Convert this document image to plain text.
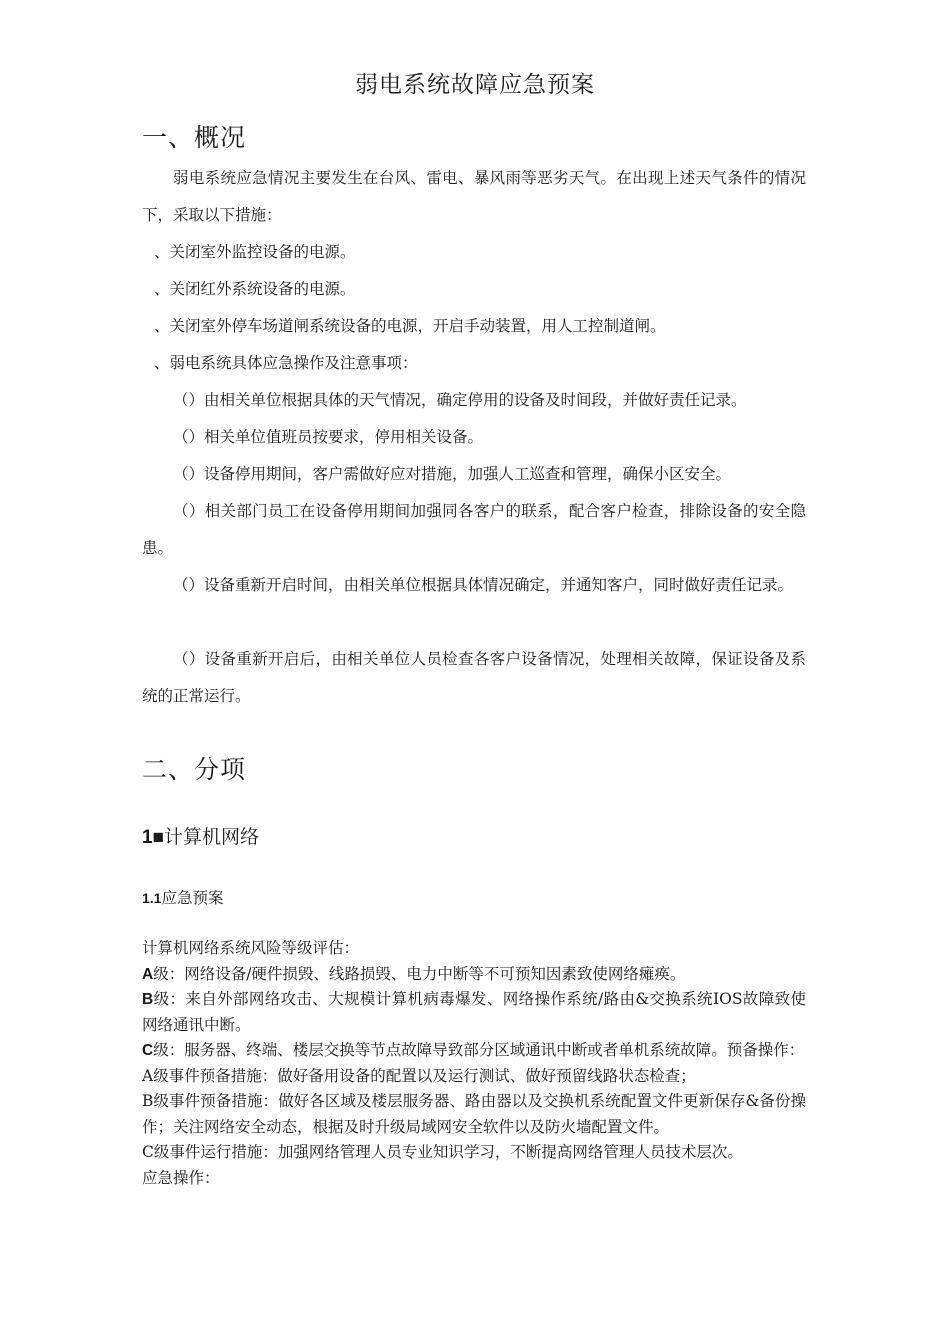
弱电系统故障应急预案
一、概况
弱电系统应急情况主要发生在台风、雷电、暴风雨等恶劣天气。在出现上述天气条件的情况下，采取以下措施：
、关闭室外监控设备的电源。
、关闭红外系统设备的电源。
、关闭室外停车场道闸系统设备的电源，开启手动装置，用人工控制道闸。
、弱电系统具体应急操作及注意事项：
（）由相关单位根据具体的天气情况，确定停用的设备及时间段，并做好责任记录。
（）相关单位值班员按要求，停用相关设备。
（）设备停用期间，客户需做好应对措施，加强人工巡查和管理，确保小区安全。
（）相关部门员工在设备停用期间加强同各客户的联系，配合客户检查，排除设备的安全隐患。
（）设备重新开启时间，由相关单位根据具体情况确定，并通知客户，同时做好责任记录。
（）设备重新开启后，由相关单位人员检查各客户设备情况，处理相关故障，保证设备及系统的正常运行。
二、分项
1■计算机网络
1.1应急预案
计算机网络系统风险等级评估：
A级：网络设备/硬件损毁、线路损毁、电力中断等不可预知因素致使网络瘫痪。
B级：来自外部网络攻击、大规模计算机病毒爆发、网络操作系统/路由&交换系统IOS故障致使网络通讯中断。
C级：服务器、终端、楼层交换等节点故障导致部分区域通讯中断或者单机系统故障。预备操作：
A级事件预备措施：做好备用设备的配置以及运行测试、做好预留线路状态检查；
B级事件预备措施：做好各区域及楼层服务器、路由器以及交换机系统配置文件更新保存&备份操作；关注网络安全动态，根据及时升级局域网安全软件以及防火墙配置文件。
C级事件运行措施：加强网络管理人员专业知识学习，不断提高网络管理人员技术层次。
应急操作：
